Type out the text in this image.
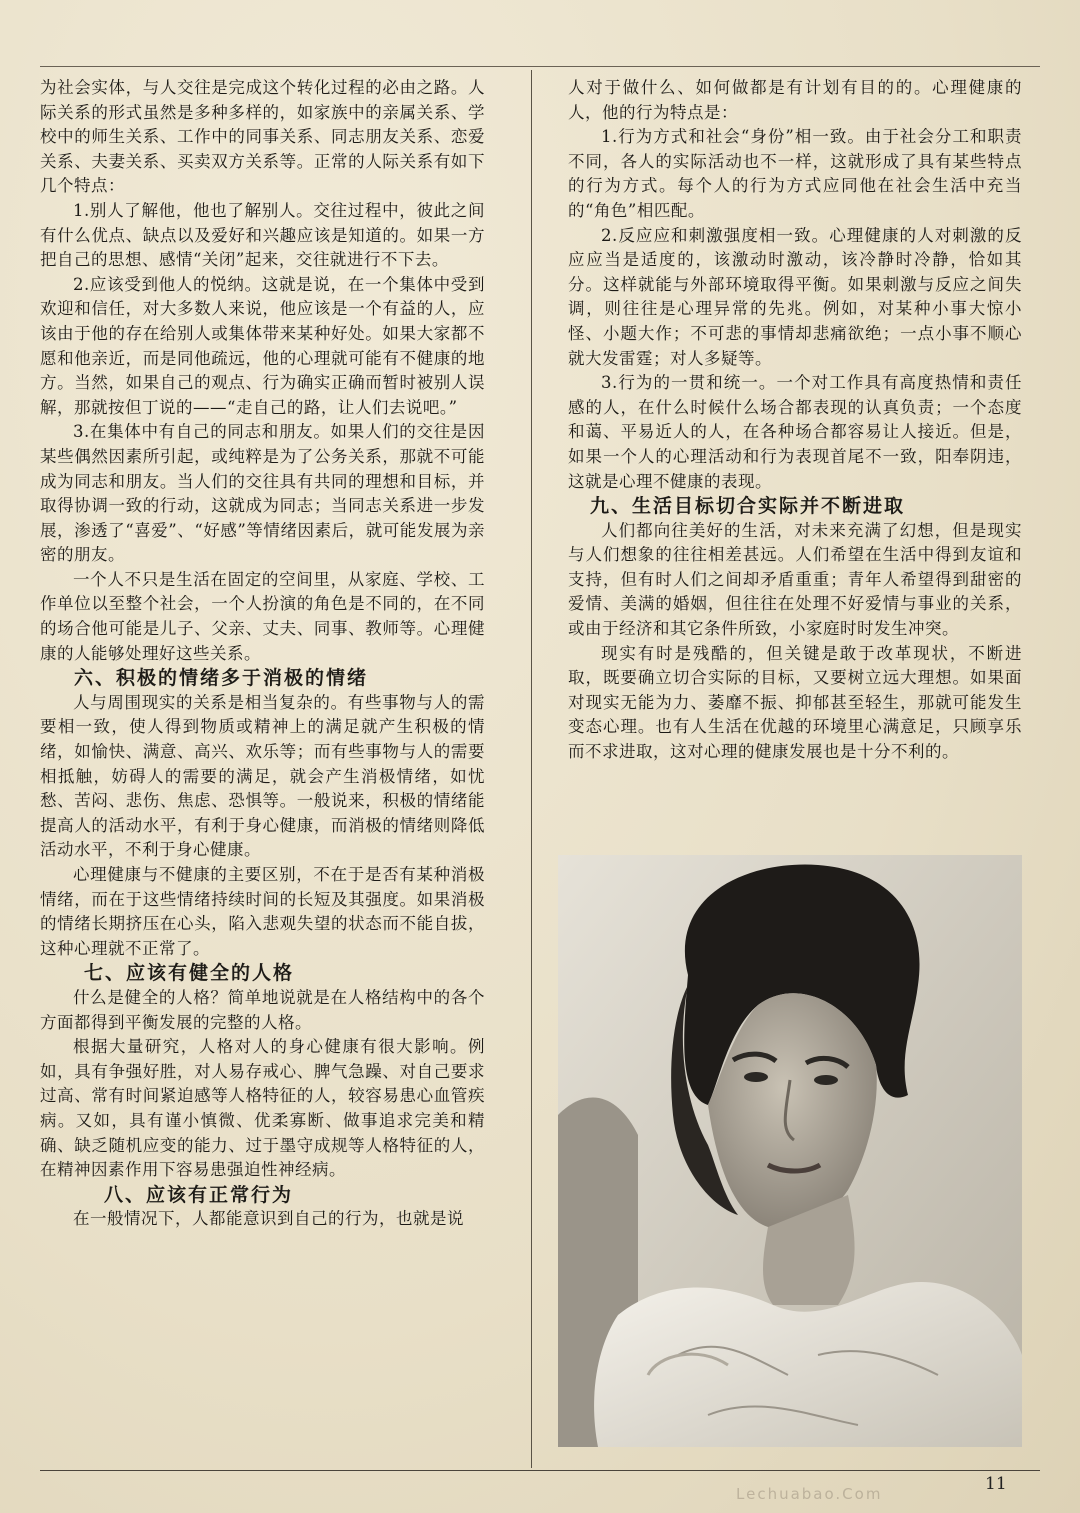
为社会实体，与人交往是完成这个转化过程的必由之路。人际关系的形式虽然是多种多样的，如家族中的亲属关系、学校中的师生关系、工作中的同事关系、同志朋友关系、恋爱关系、夫妻关系、买卖双方关系等。正常的人际关系有如下几个特点：

1.别人了解他，他也了解别人。交往过程中，彼此之间有什么优点、缺点以及爱好和兴趣应该是知道的。如果一方把自己的思想、感情“关闭”起来，交往就进行不下去。

2.应该受到他人的悦纳。这就是说，在一个集体中受到欢迎和信任，对大多数人来说，他应该是一个有益的人，应该由于他的存在给别人或集体带来某种好处。如果大家都不愿和他亲近，而是同他疏远，他的心理就可能有不健康的地方。当然，如果自己的观点、行为确实正确而暂时被别人误解，那就按但丁说的——“走自己的路，让人们去说吧。”

3.在集体中有自己的同志和朋友。如果人们的交往是因某些偶然因素所引起，或纯粹是为了公务关系，那就不可能成为同志和朋友。当人们的交往具有共同的理想和目标，并取得协调一致的行动，这就成为同志；当同志关系进一步发展，渗透了“喜爱”、“好感”等情绪因素后，就可能发展为亲密的朋友。

一个人不只是生活在固定的空间里，从家庭、学校、工作单位以至整个社会，一个人扮演的角色是不同的，在不同的场合他可能是儿子、父亲、丈夫、同事、教师等。心理健康的人能够处理好这些关系。

六、积极的情绪多于消极的情绪

人与周围现实的关系是相当复杂的。有些事物与人的需要相一致，使人得到物质或精神上的满足就产生积极的情绪，如愉快、满意、高兴、欢乐等；而有些事物与人的需要相抵触，妨碍人的需要的满足，就会产生消极情绪，如忧愁、苦闷、悲伤、焦虑、恐惧等。一般说来，积极的情绪能提高人的活动水平，有利于身心健康，而消极的情绪则降低活动水平，不利于身心健康。

心理健康与不健康的主要区别，不在于是否有某种消极情绪，而在于这些情绪持续时间的长短及其强度。如果消极的情绪长期挤压在心头，陷入悲观失望的状态而不能自拔，这种心理就不正常了。

七、应该有健全的人格

什么是健全的人格？简单地说就是在人格结构中的各个方面都得到平衡发展的完整的人格。

根据大量研究，人格对人的身心健康有很大影响。例如，具有争强好胜，对人易存戒心、脾气急躁、对自己要求过高、常有时间紧迫感等人格特征的人，较容易患心血管疾病。又如，具有谨小慎微、优柔寡断、做事追求完美和精确、缺乏随机应变的能力、过于墨守成规等人格特征的人，在精神因素作用下容易患强迫性神经病。

八、应该有正常行为

在一般情况下，人都能意识到自己的行为，也就是说

人对于做什么、如何做都是有计划有目的的。心理健康的人，他的行为特点是：

1.行为方式和社会“身份”相一致。由于社会分工和职责不同，各人的实际活动也不一样，这就形成了具有某些特点的行为方式。每个人的行为方式应同他在社会生活中充当的“角色”相匹配。

2.反应应和刺激强度相一致。心理健康的人对刺激的反应应当是适度的，该激动时激动，该冷静时冷静，恰如其分。这样就能与外部环境取得平衡。如果刺激与反应之间失调，则往往是心理异常的先兆。例如，对某种小事大惊小怪、小题大作；不可悲的事情却悲痛欲绝；一点小事不顺心就大发雷霆；对人多疑等。

3.行为的一贯和统一。一个对工作具有高度热情和责任感的人，在什么时候什么场合都表现的认真负责；一个态度和蔼、平易近人的人，在各种场合都容易让人接近。但是，如果一个人的心理活动和行为表现首尾不一致，阳奉阴违，这就是心理不健康的表现。

九、生活目标切合实际并不断进取

人们都向往美好的生活，对未来充满了幻想，但是现实与人们想象的往往相差甚远。人们希望在生活中得到友谊和支持，但有时人们之间却矛盾重重；青年人希望得到甜密的爱情、美满的婚姻，但往往在处理不好爱情与事业的关系，或由于经济和其它条件所致，小家庭时时发生冲突。

现实有时是残酷的，但关键是敢于改革现状，不断进取，既要确立切合实际的目标，又要树立远大理想。如果面对现实无能为力、萎靡不振、抑郁甚至轻生，那就可能发生变态心理。也有人生活在优越的环境里心满意足，只顾享乐而不求进取，这对心理的健康发展也是十分不利的。

11
Lechuabao.Com
